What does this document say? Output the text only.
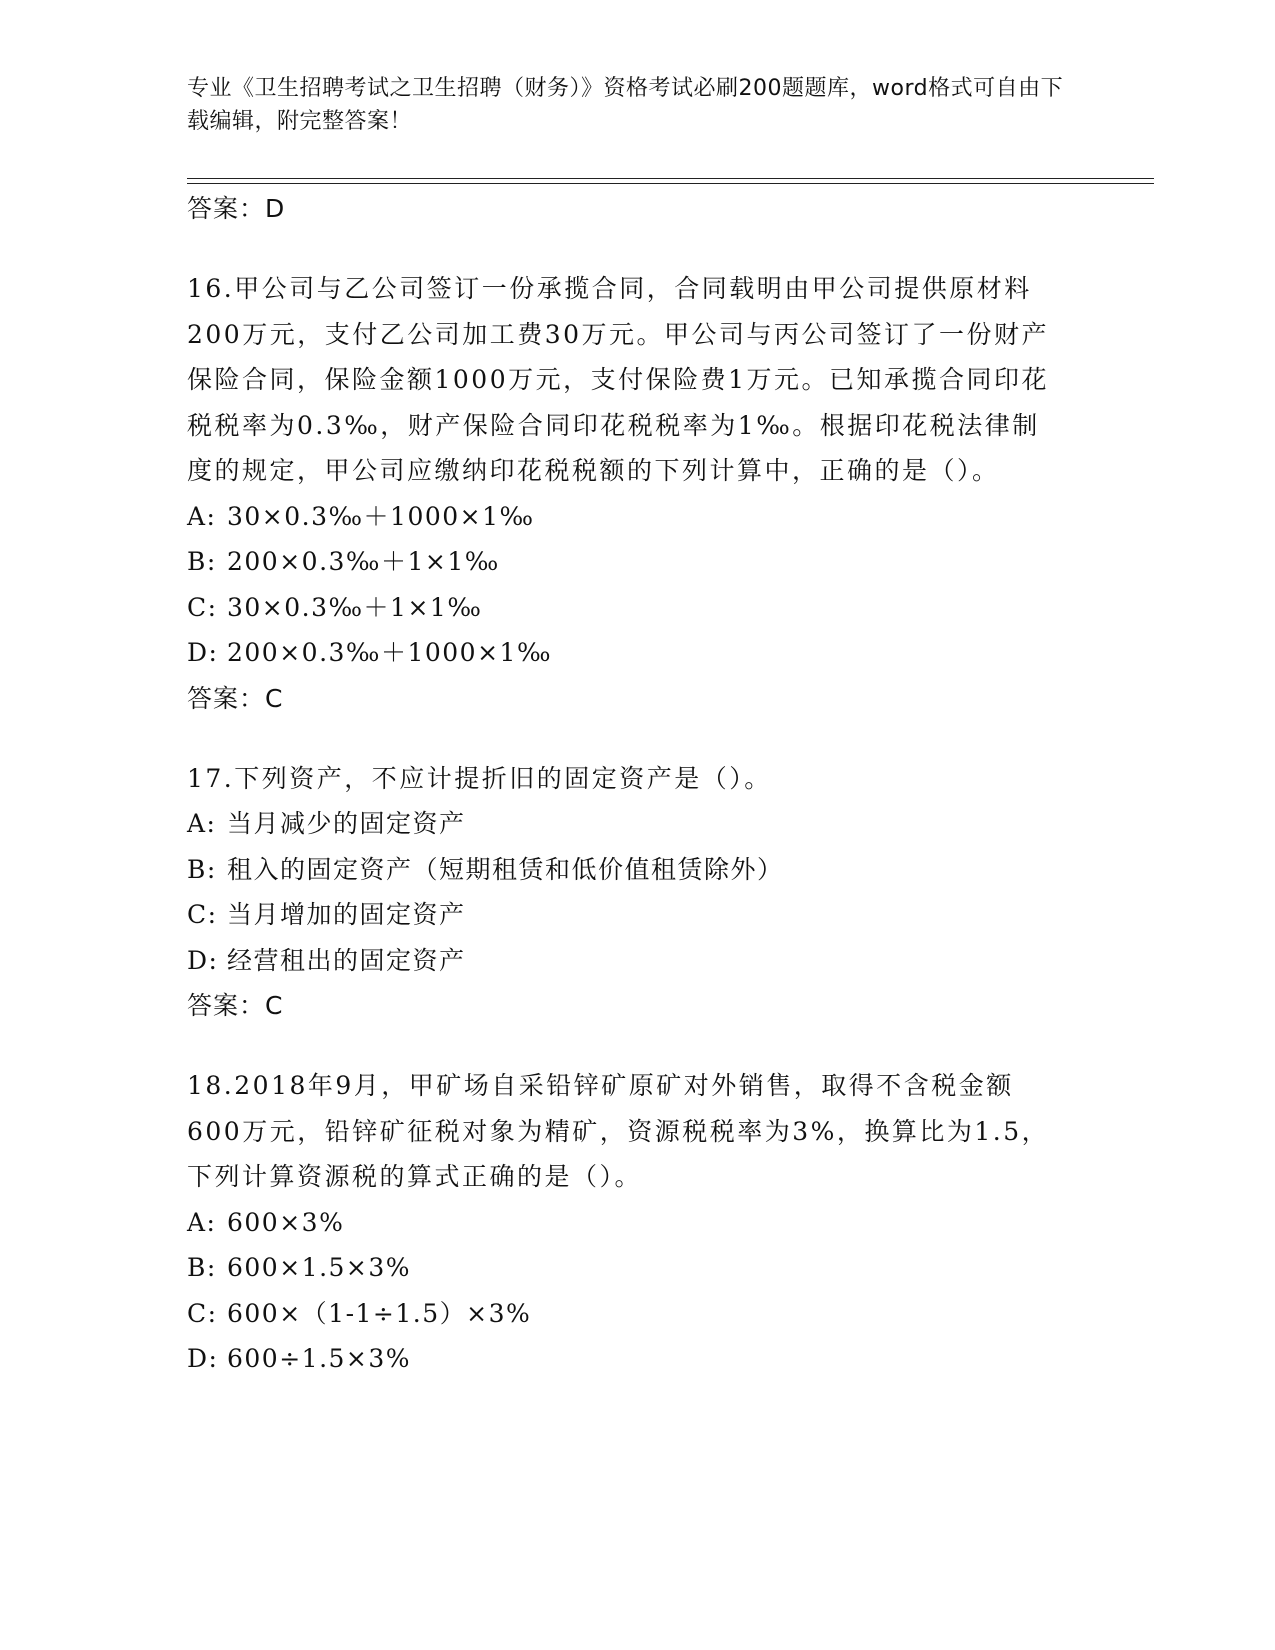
专业《卫生招聘考试之卫生招聘（财务）》资格考试必刷200题题库，word格式可自由下载编辑，附完整答案！
答案：D
16.甲公司与乙公司签订一份承揽合同，合同载明由甲公司提供原材料200万元，支付乙公司加工费30万元。甲公司与丙公司签订了一份财产保险合同，保险金额1000万元，支付保险费1万元。已知承揽合同印花税税率为0.3‰，财产保险合同印花税税率为1‰。根据印花税法律制度的规定，甲公司应缴纳印花税税额的下列计算中，正确的是（）。
A: 30×0.3‰＋1000×1‰
B: 200×0.3‰＋1×1‰
C: 30×0.3‰＋1×1‰
D: 200×0.3‰＋1000×1‰
答案：C
17.下列资产，不应计提折旧的固定资产是（）。
A: 当月减少的固定资产
B: 租入的固定资产（短期租赁和低价值租赁除外）
C: 当月增加的固定资产
D: 经营租出的固定资产
答案：C
18.2018年9月，甲矿场自采铅锌矿原矿对外销售，取得不含税金额600万元，铅锌矿征税对象为精矿，资源税税率为3%，换算比为1.5，下列计算资源税的算式正确的是（）。
A: 600×3%
B: 600×1.5×3%
C: 600×（1-1÷1.5）×3%
D: 600÷1.5×3%
